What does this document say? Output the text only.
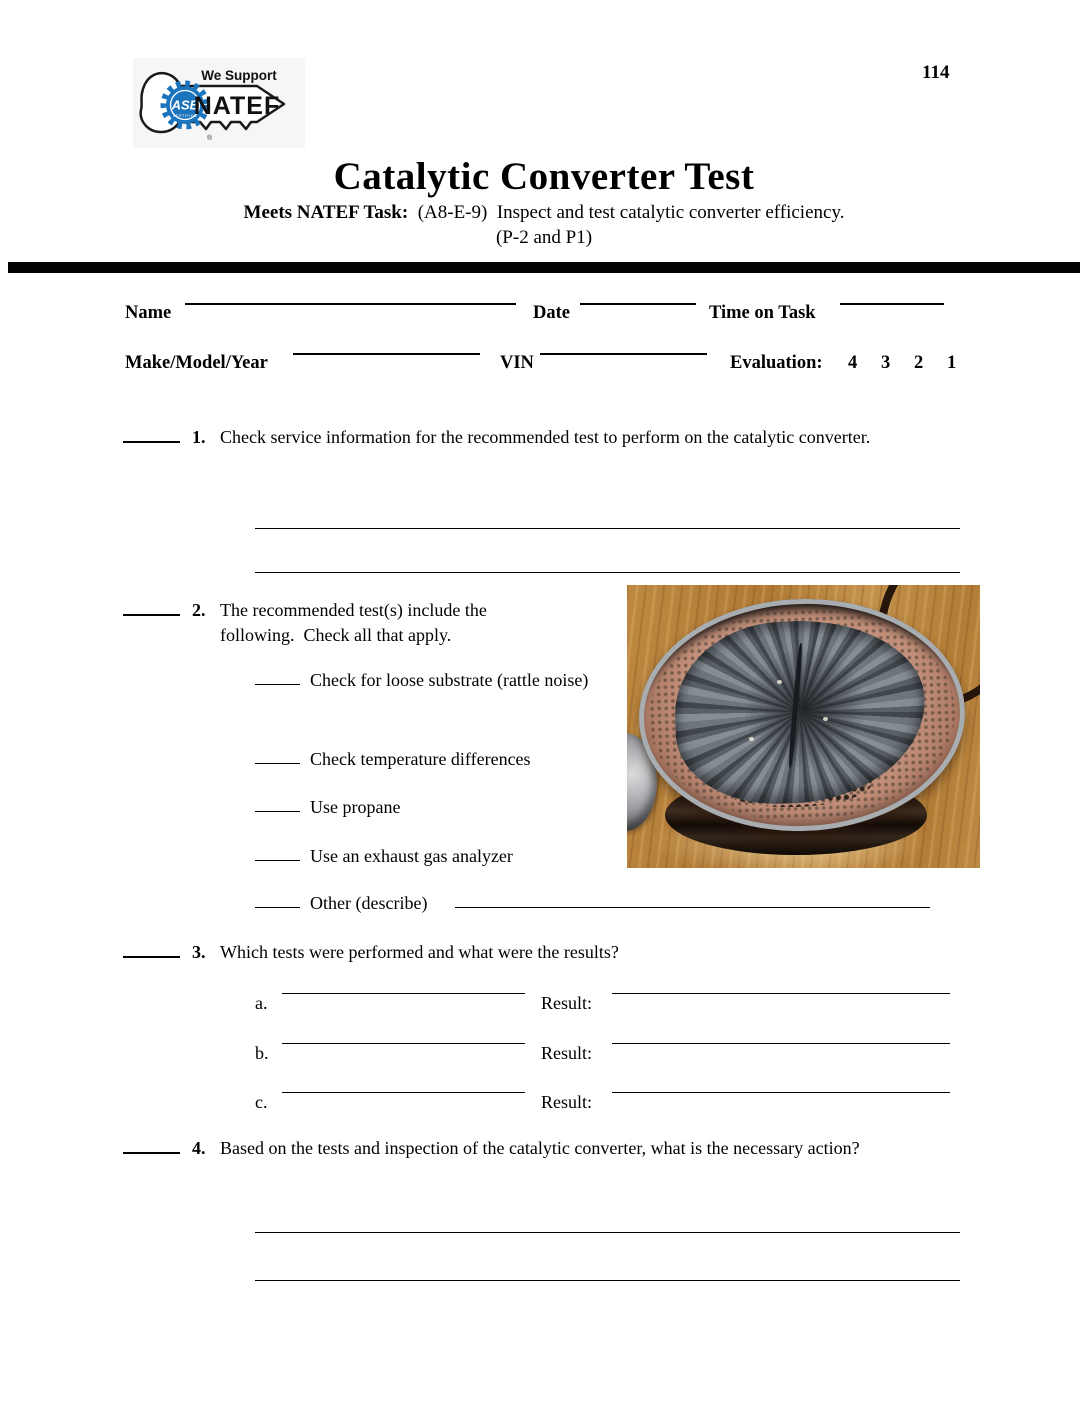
114
ASE
CERTIFIED
®
We Support
NATEF
Catalytic Converter Test
Meets NATEF Task:  (A8-E-9)  Inspect and test catalytic converter efficiency.
(P-2 and P1)
Name	Date	Time on Task
Make/Model/Year	VIN	Evaluation: 4 3 2 1
1. Check service information for the recommended test to perform on the catalytic converter.
2. The recommended test(s) include the following.  Check all that apply.
Check for loose substrate (rattle noise)
Check temperature differences
Use propane
Use an exhaust gas analyzer
Other (describe)
3. Which tests were performed and what were the results?
a.	Result:
b.	Result:
c.	Result:
4. Based on the tests and inspection of the catalytic converter, what is the necessary action?
